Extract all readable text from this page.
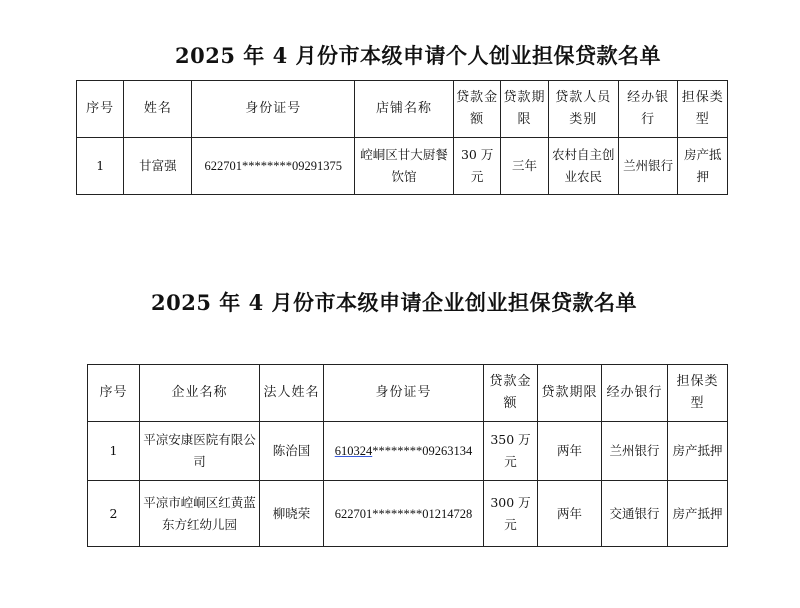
2025 年 4 月份市本级申请个人创业担保贷款名单
序号	姓名	身份证号	店铺名称	贷款金额	贷款期限	贷款人员类别	经办银行	担保类型
1	甘富强	622701********09291375	崆峒区甘大厨餐饮馆	30 万元	三年	农村自主创业农民	兰州银行	房产抵押
2025 年 4 月份市本级申请企业创业担保贷款名单
序号	企业名称	法人姓名	身份证号	贷款金额	贷款期限	经办银行	担保类型
1	平凉安康医院有限公司	陈治国	610324********09263134	350 万元	两年	兰州银行	房产抵押
2	平凉市崆峒区红黄蓝东方红幼儿园	柳晓荣	622701********01214728	300 万元	两年	交通银行	房产抵押
